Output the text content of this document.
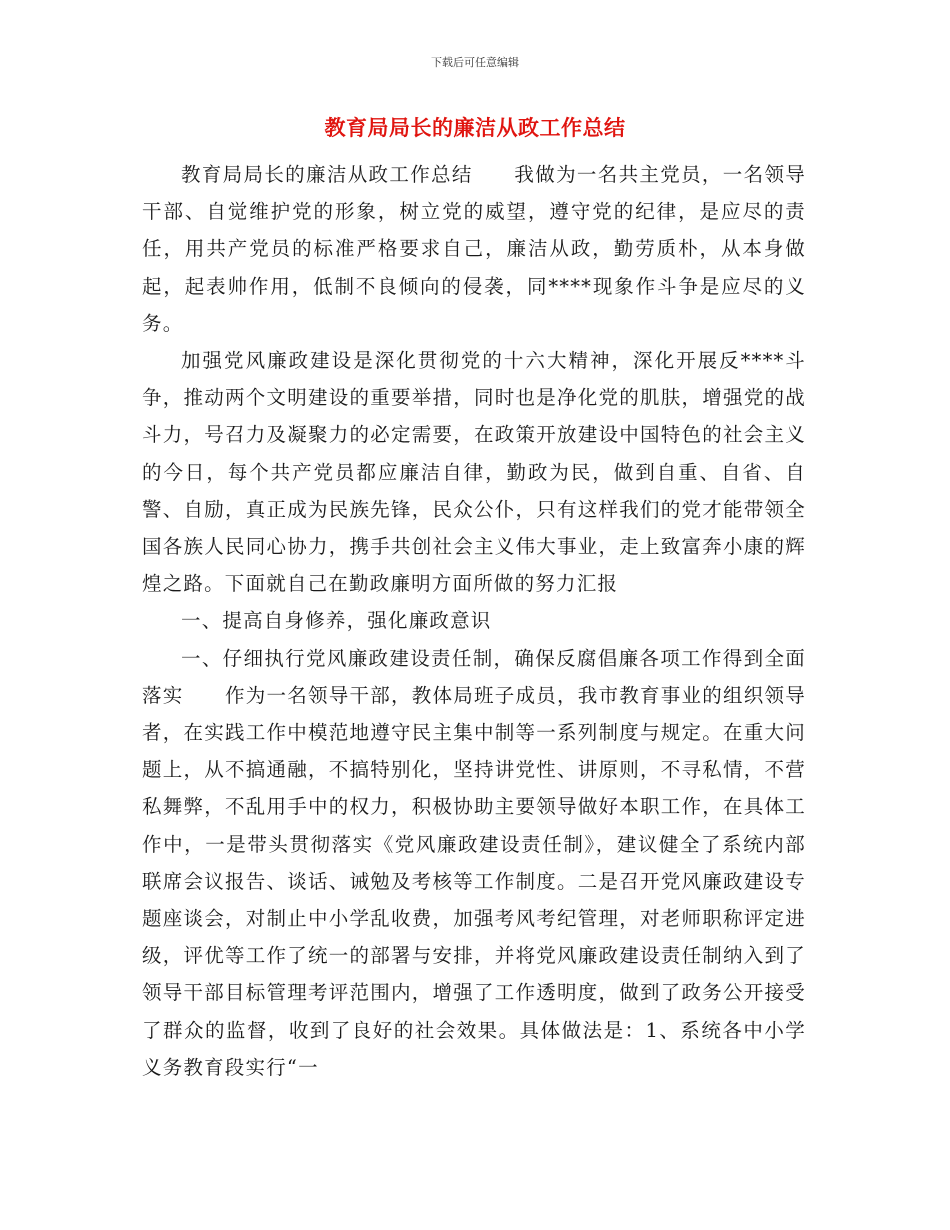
下载后可任意编辑
教育局局长的廉洁从政工作总结

教育局局长的廉洁从政工作总结　　我做为一名共主党员，一名领导干部、自觉维护党的形象，树立党的威望，遵守党的纪律，是应尽的责任，用共产党员的标准严格要求自己，廉洁从政，勤劳质朴，从本身做起，起表帅作用，低制不良倾向的侵袭，同****现象作斗争是应尽的义务。

加强党风廉政建设是深化贯彻党的十六大精神，深化开展反****斗争，推动两个文明建设的重要举措，同时也是净化党的肌肤，增强党的战斗力，号召力及凝聚力的必定需要，在政策开放建设中国特色的社会主义的今日，每个共产党员都应廉洁自律，勤政为民，做到自重、自省、自警、自励，真正成为民族先锋，民众公仆，只有这样我们的党才能带领全国各族人民同心协力，携手共创社会主义伟大事业，走上致富奔小康的辉煌之路。下面就自己在勤政廉明方面所做的努力汇报

一、提高自身修养，强化廉政意识

一、仔细执行党风廉政建设责任制，确保反腐倡廉各项工作得到全面落实　　作为一名领导干部，教体局班子成员，我市教育事业的组织领导者，在实践工作中模范地遵守民主集中制等一系列制度与规定。在重大问题上，从不搞通融，不搞特别化，坚持讲党性、讲原则，不寻私情，不营私舞弊，不乱用手中的权力，积极协助主要领导做好本职工作，在具体工作中，一是带头贯彻落实《党风廉政建设责任制》，建议健全了系统内部联席会议报告、谈话、诫勉及考核等工作制度。二是召开党风廉政建设专题座谈会，对制止中小学乱收费，加强考风考纪管理，对老师职称评定进级，评优等工作了统一的部署与安排，并将党风廉政建设责任制纳入到了领导干部目标管理考评范围内，增强了工作透明度，做到了政务公开接受了群众的监督，收到了良好的社会效果。具体做法是：1、系统各中小学义务教育段实行“一
